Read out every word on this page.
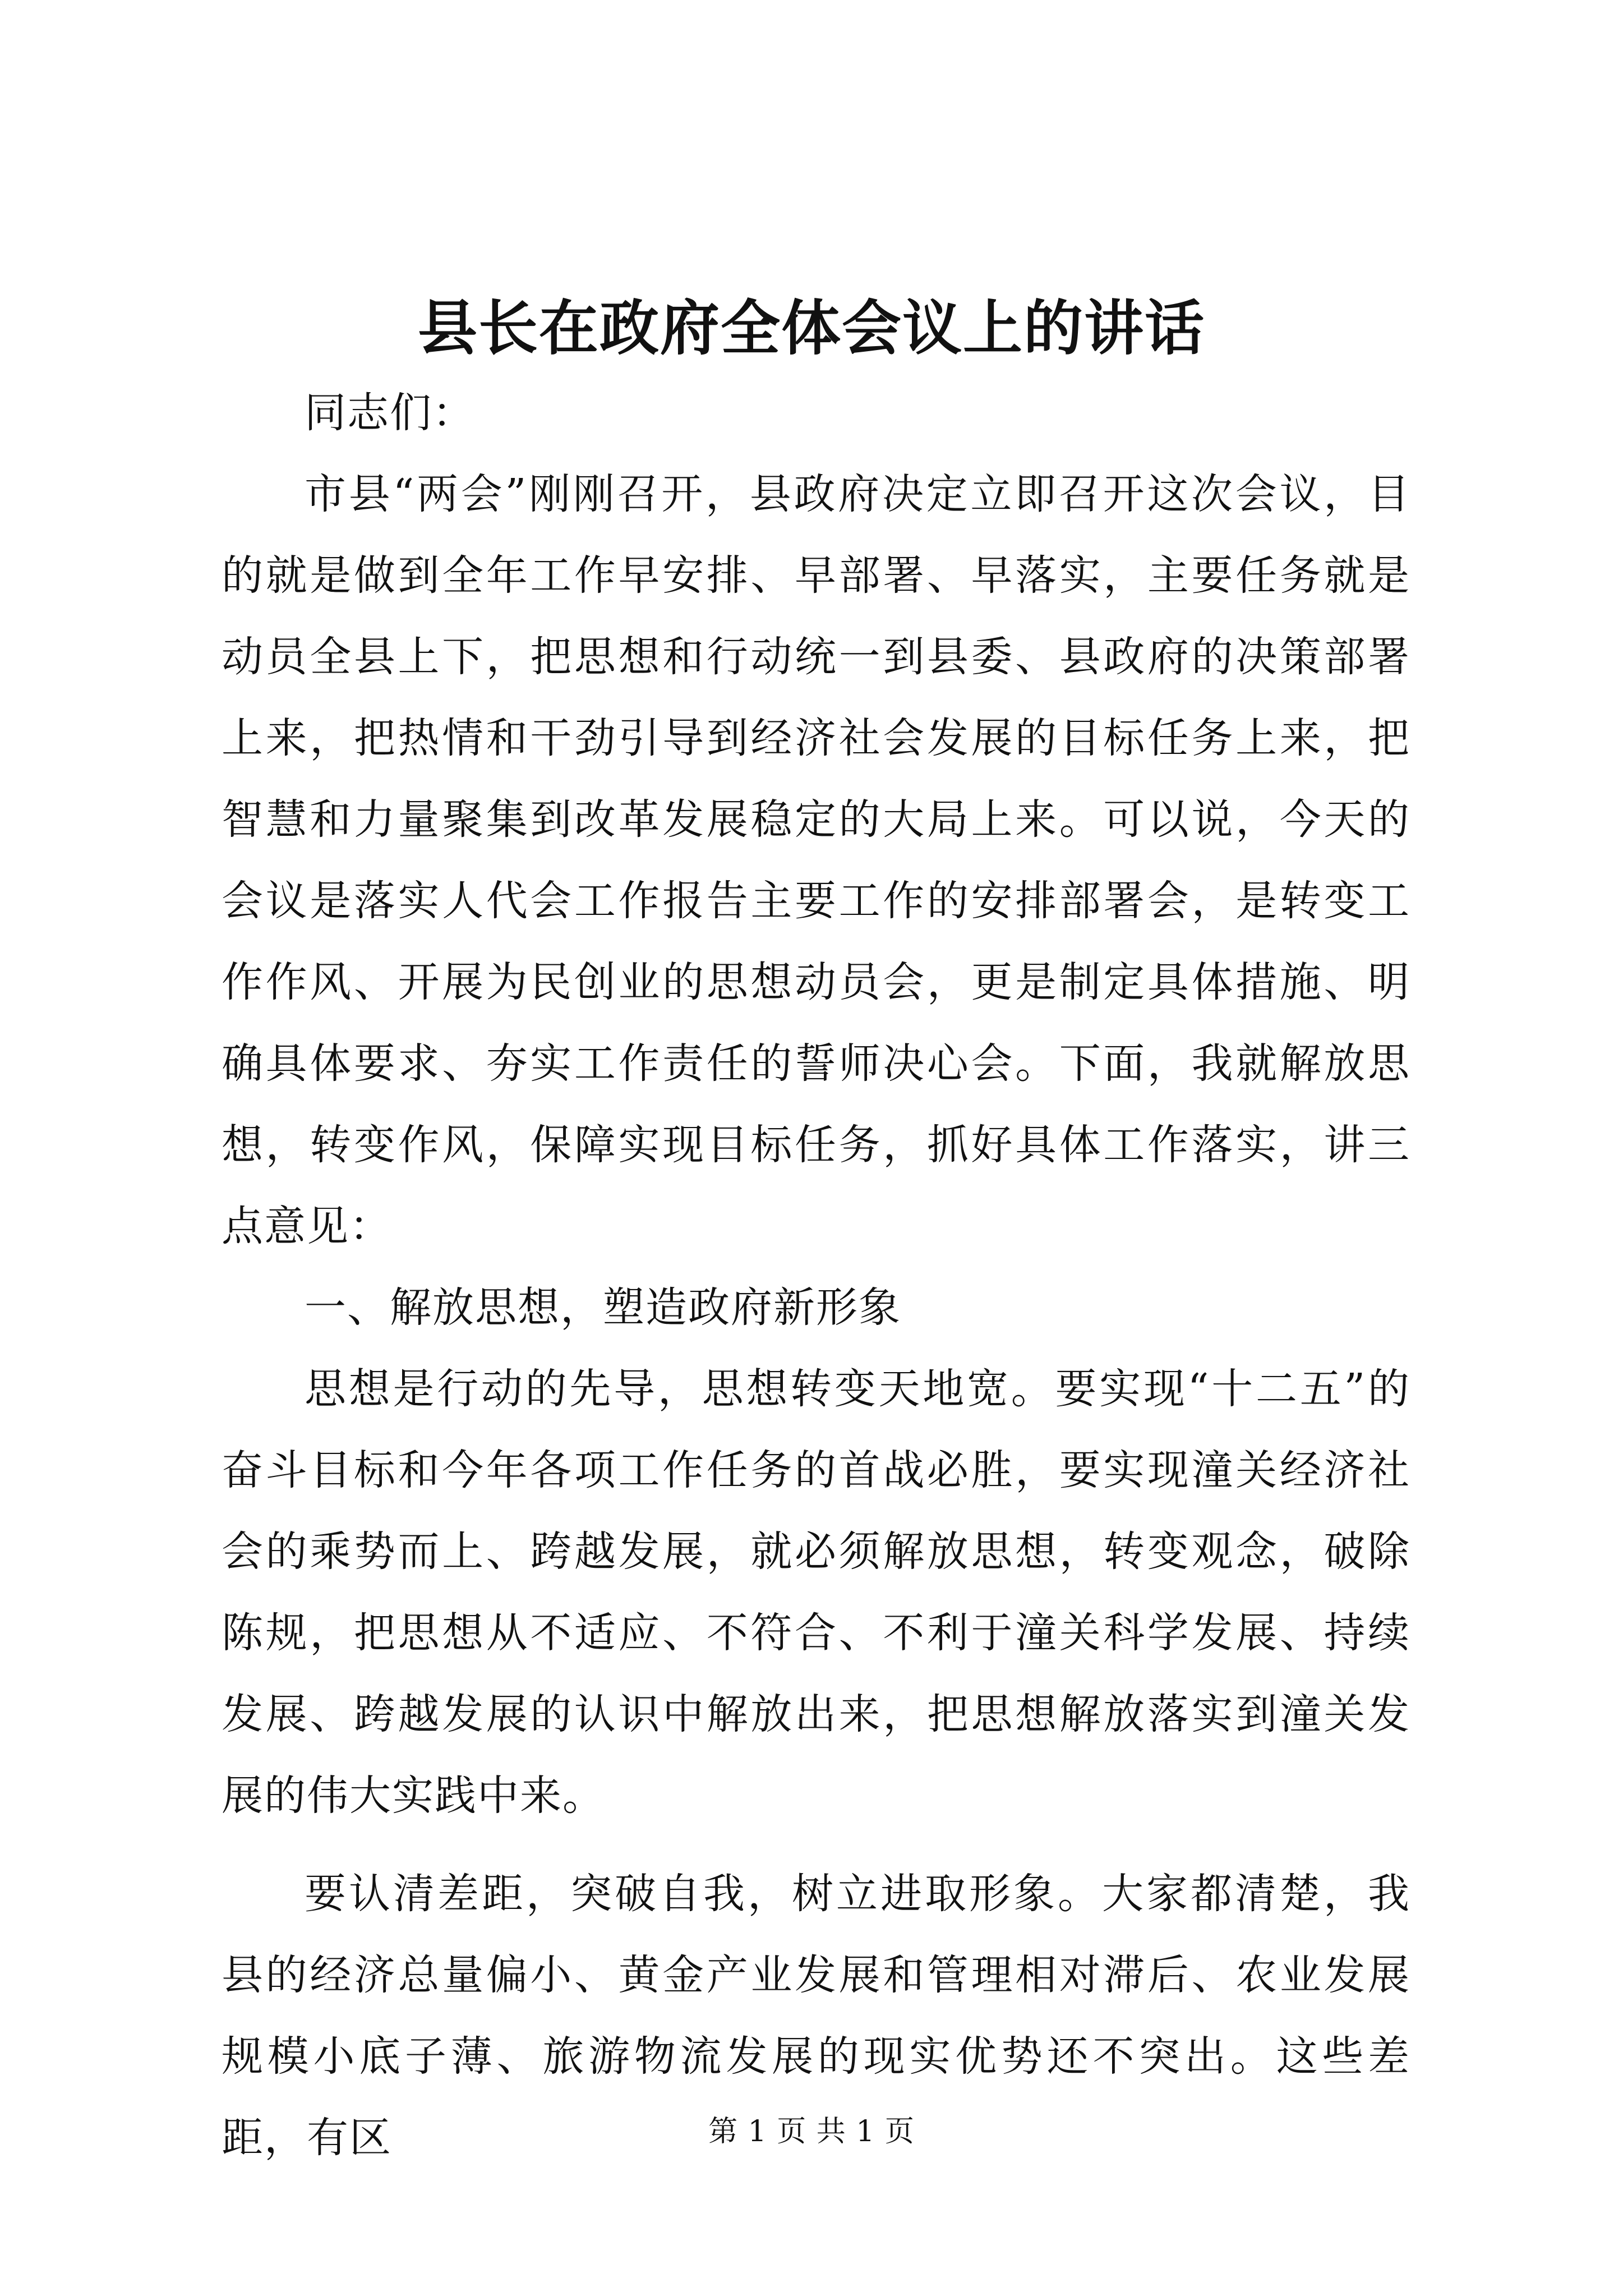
县长在政府全体会议上的讲话

同志们：

市县“两会”刚刚召开，县政府决定立即召开这次会议，目的就是做到全年工作早安排、早部署、早落实，主要任务就是动员全县上下，把思想和行动统一到县委、县政府的决策部署上来，把热情和干劲引导到经济社会发展的目标任务上来，把智慧和力量聚集到改革发展稳定的大局上来。可以说，今天的会议是落实人代会工作报告主要工作的安排部署会，是转变工作作风、开展为民创业的思想动员会，更是制定具体措施、明确具体要求、夯实工作责任的誓师决心会。下面，我就解放思想，转变作风，保障实现目标任务，抓好具体工作落实，讲三点意见：

一、解放思想，塑造政府新形象

思想是行动的先导，思想转变天地宽。要实现“十二五”的奋斗目标和今年各项工作任务的首战必胜，要实现潼关经济社会的乘势而上、跨越发展，就必须解放思想，转变观念，破除陈规，把思想从不适应、不符合、不利于潼关科学发展、持续发展、跨越发展的认识中解放出来，把思想解放落实到潼关发展的伟大实践中来。

要认清差距，突破自我，树立进取形象。大家都清楚，我县的经济总量偏小、黄金产业发展和管理相对滞后、农业发展规模小底子薄、旅游物流发展的现实优势还不突出。这些差距，有区	第 1 页 共 1 页
